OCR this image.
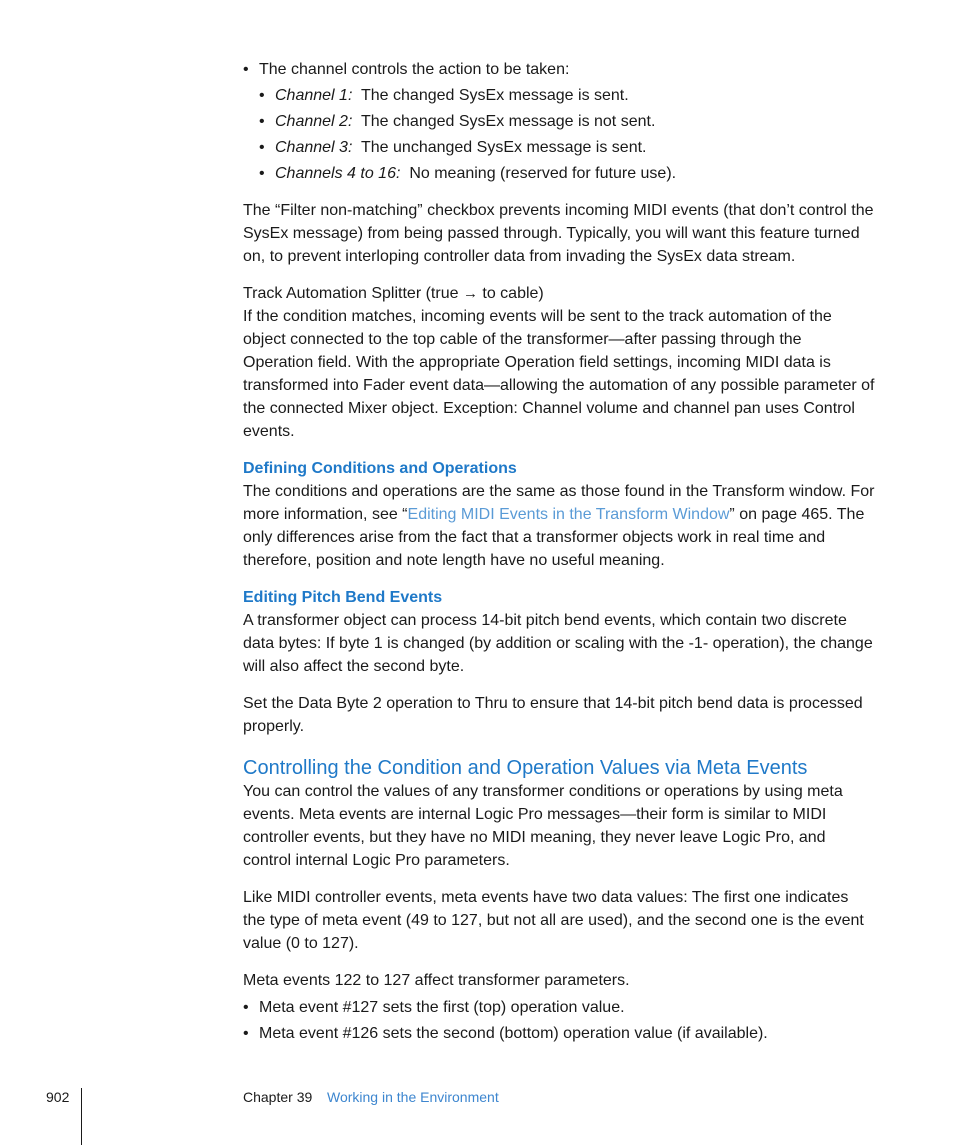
• The channel controls the action to be taken:
• Channel 1: The changed SysEx message is sent.
• Channel 2: The changed SysEx message is not sent.
• Channel 3: The unchanged SysEx message is sent.
• Channels 4 to 16: No meaning (reserved for future use).

The “Filter non-matching” checkbox prevents incoming MIDI events (that don’t control the SysEx message) from being passed through. Typically, you will want this feature turned on, to prevent interloping controller data from invading the SysEx data stream.

Track Automation Splitter (true → to cable)

If the condition matches, incoming events will be sent to the track automation of the object connected to the top cable of the transformer—after passing through the Operation field. With the appropriate Operation field settings, incoming MIDI data is transformed into Fader event data—allowing the automation of any possible parameter of the connected Mixer object. Exception: Channel volume and channel pan uses Control events.

Defining Conditions and Operations

The conditions and operations are the same as those found in the Transform window. For more information, see “Editing MIDI Events in the Transform Window” on page 465. The only differences arise from the fact that a transformer objects work in real time and therefore, position and note length have no useful meaning.

Editing Pitch Bend Events

A transformer object can process 14-bit pitch bend events, which contain two discrete data bytes: If byte 1 is changed (by addition or scaling with the -1- operation), the change will also affect the second byte.

Set the Data Byte 2 operation to Thru to ensure that 14-bit pitch bend data is processed properly.

Controlling the Condition and Operation Values via Meta Events

You can control the values of any transformer conditions or operations by using meta events. Meta events are internal Logic Pro messages—their form is similar to MIDI controller events, but they have no MIDI meaning, they never leave Logic Pro, and control internal Logic Pro parameters.

Like MIDI controller events, meta events have two data values: The first one indicates the type of meta event (49 to 127, but not all are used), and the second one is the event value (0 to 127).

Meta events 122 to 127 affect transformer parameters.

• Meta event #127 sets the first (top) operation value.
• Meta event #126 sets the second (bottom) operation value (if available).
902	Chapter 39 Working in the Environment
